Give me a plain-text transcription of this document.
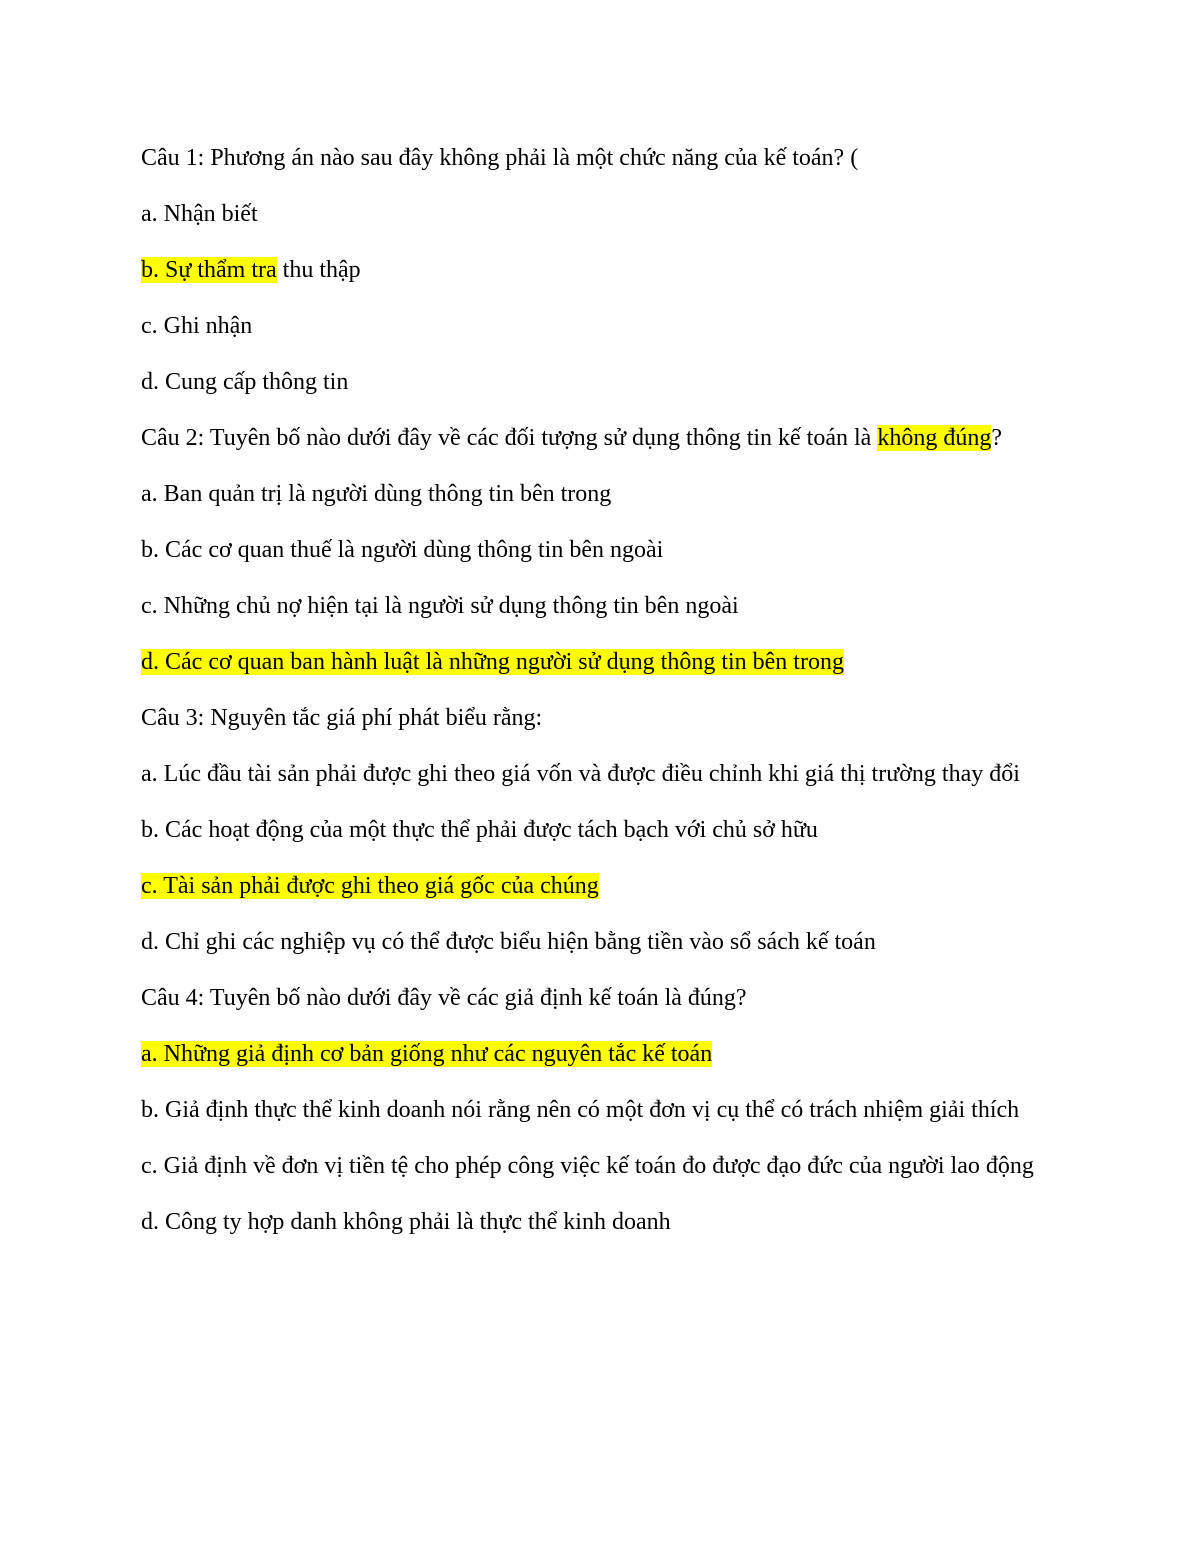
Câu 1: Phương án nào sau đây không phải là một chức năng của kế toán? (

a. Nhận biết

b. Sự thẩm tra thu thập

c. Ghi nhận

d. Cung cấp thông tin

Câu 2: Tuyên bố nào dưới đây về các đối tượng sử dụng thông tin kế toán là không đúng?

a. Ban quản trị là người dùng thông tin bên trong

b. Các cơ quan thuế là người dùng thông tin bên ngoài

c. Những chủ nợ hiện tại là người sử dụng thông tin bên ngoài

d. Các cơ quan ban hành luật là những người sử dụng thông tin bên trong

Câu 3: Nguyên tắc giá phí phát biểu rằng:

a. Lúc đầu tài sản phải được ghi theo giá vốn và được điều chỉnh khi giá thị trường thay đổi

b. Các hoạt động của một thực thể phải được tách bạch với chủ sở hữu

c. Tài sản phải được ghi theo giá gốc của chúng

d. Chỉ ghi các nghiệp vụ có thể được biểu hiện bằng tiền vào sổ sách kế toán

Câu 4: Tuyên bố nào dưới đây về các giả định kế toán là đúng?

a. Những giả định cơ bản giống như các nguyên tắc kế toán

b. Giả định thực thể kinh doanh nói rằng nên có một đơn vị cụ thể có trách nhiệm giải thích

c. Giả định về đơn vị tiền tệ cho phép công việc kế toán đo được đạo đức của người lao động

d. Công ty hợp danh không phải là thực thể kinh doanh
